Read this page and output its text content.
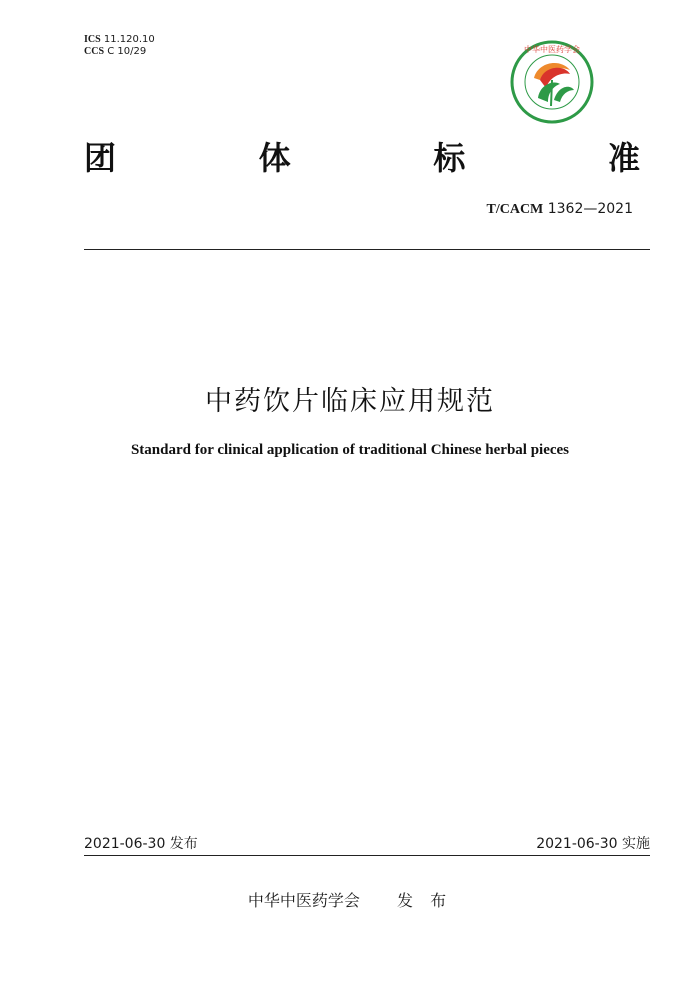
ICS 11.120.10
CCS C 10/29	中华中医药学会
团	体	标	准
T/CACM 1362—2021
中药饮片临床应用规范
Standard for clinical application of traditional Chinese herbal pieces
2021-06-30 发布	2021-06-30 实施
中华中医药学会 发 布
